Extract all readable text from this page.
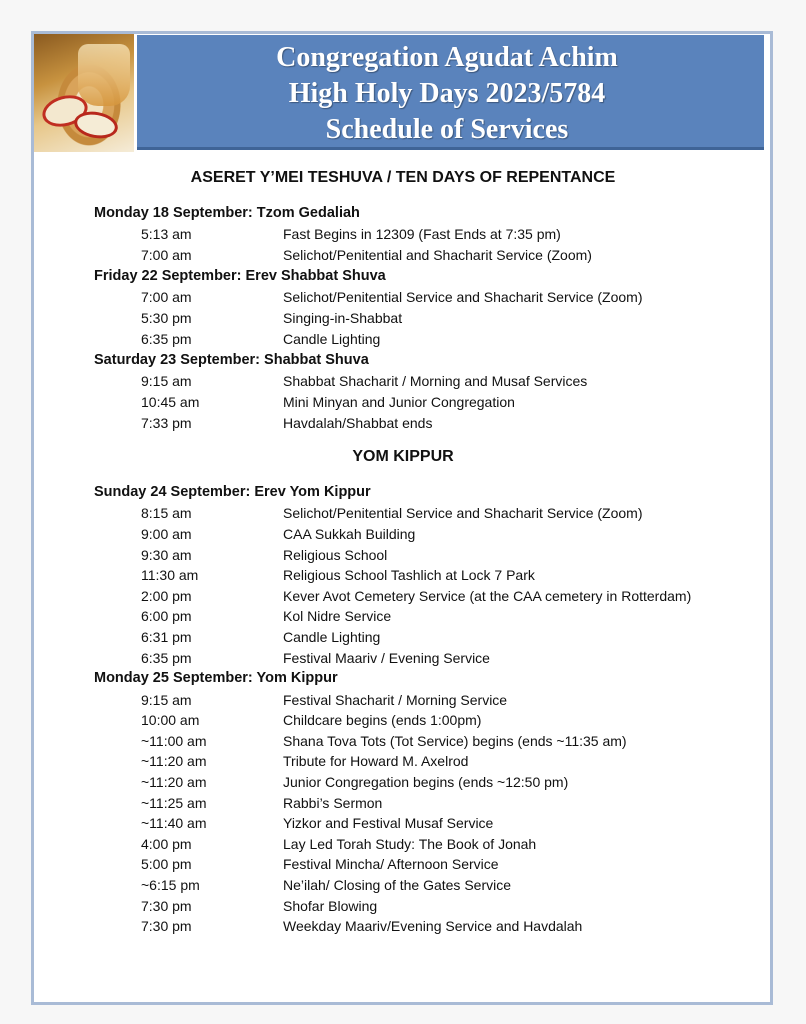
Congregation Agudat Achim
High Holy Days 2023/5784
Schedule of Services
ASERET Y’MEI TESHUVA / TEN DAYS OF REPENTANCE
Monday 18 September: Tzom Gedaliah
5:13 am	Fast Begins in 12309 (Fast Ends at 7:35 pm)
7:00 am	Selichot/Penitential and Shacharit Service (Zoom)
Friday 22 September: Erev Shabbat Shuva
7:00 am	Selichot/Penitential Service and Shacharit Service (Zoom)
5:30 pm	Singing-in-Shabbat
6:35 pm	Candle Lighting
Saturday 23 September: Shabbat Shuva
9:15 am	Shabbat Shacharit / Morning and Musaf Services
10:45 am	Mini Minyan and Junior Congregation
7:33 pm	Havdalah/Shabbat ends
YOM KIPPUR
Sunday 24 September: Erev Yom Kippur
8:15 am	Selichot/Penitential Service and Shacharit Service (Zoom)
9:00 am	CAA Sukkah Building
9:30 am	Religious School
11:30 am	Religious School Tashlich at Lock 7 Park
2:00 pm	Kever Avot Cemetery Service (at the CAA cemetery in Rotterdam)
6:00 pm	Kol Nidre Service
6:31 pm	Candle Lighting
6:35 pm	Festival Maariv / Evening Service
Monday 25 September: Yom Kippur
9:15 am	Festival Shacharit / Morning Service
10:00 am	Childcare begins (ends 1:00pm)
~11:00 am	Shana Tova Tots (Tot Service) begins (ends ~11:35 am)
~11:20 am	Tribute for Howard M. Axelrod
~11:20 am	Junior Congregation begins (ends ~12:50 pm)
~11:25 am	Rabbi’s Sermon
~11:40 am	Yizkor and Festival Musaf Service
4:00 pm	Lay Led Torah Study: The Book of Jonah
5:00 pm	Festival Mincha/ Afternoon Service
~6:15 pm	Ne’ilah/ Closing of the Gates Service
7:30 pm	Shofar Blowing
7:30 pm	Weekday Maariv/Evening Service and Havdalah
